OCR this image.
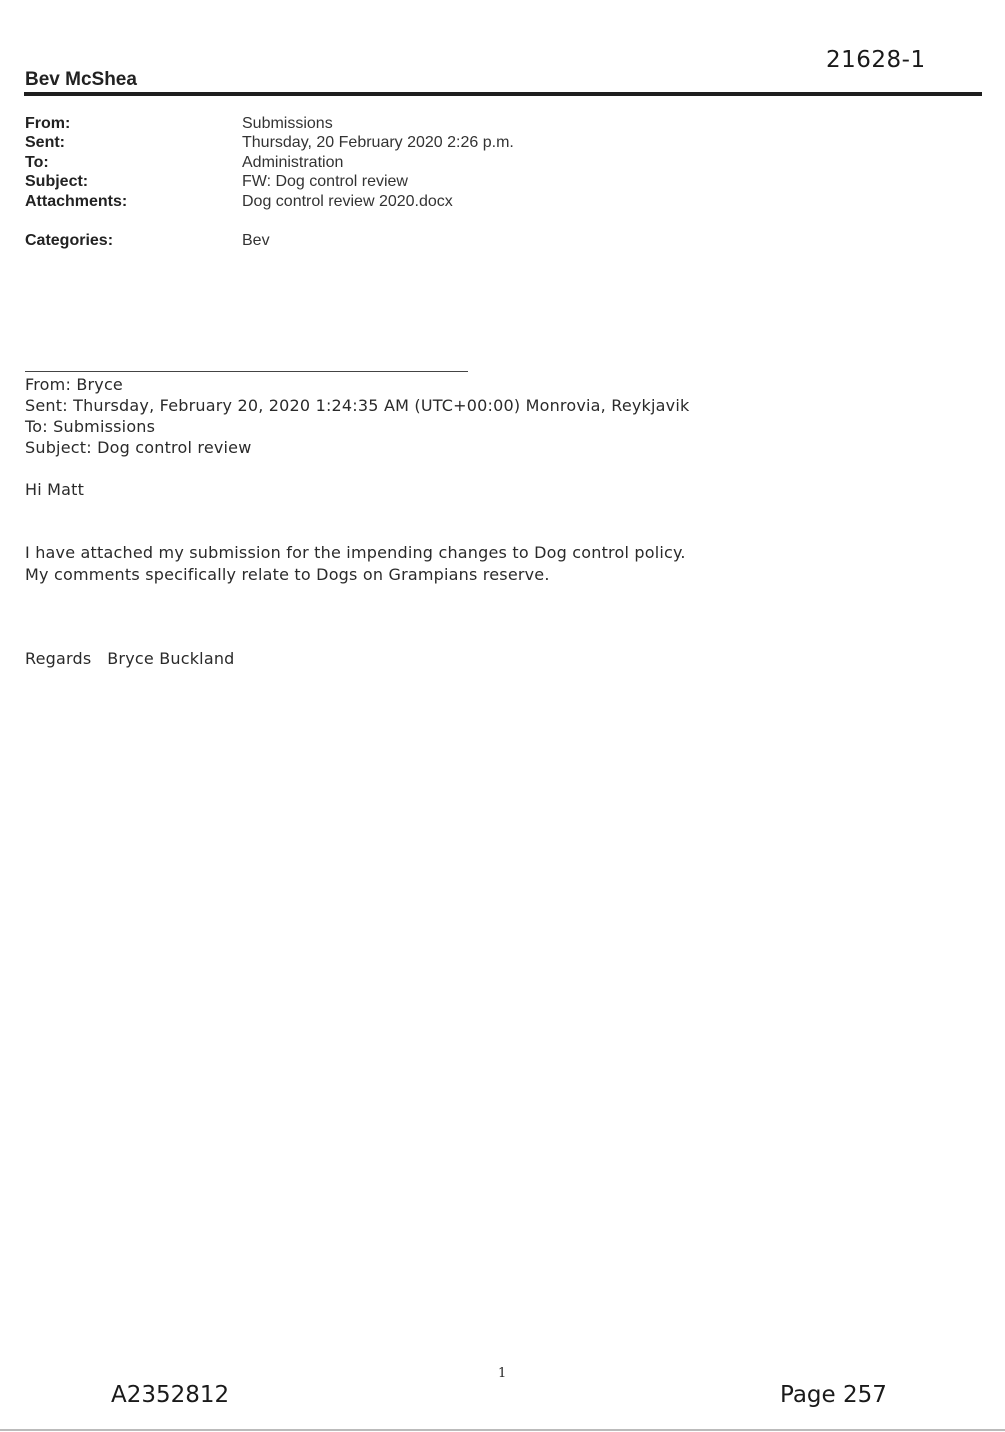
21628-1
Bev McShea
From:	Submissions
Sent:	Thursday, 20 February 2020 2:26 p.m.
To:	Administration
Subject:	FW: Dog control review
Attachments:	Dog control review 2020.docx
Categories:	Bev
From: Bryce
Sent: Thursday, February 20, 2020 1:24:35 AM (UTC+00:00) Monrovia, Reykjavik
To: Submissions
Subject: Dog control review
Hi Matt
I have attached my submission for the impending changes to Dog control policy.
My comments specifically relate to Dogs on Grampians reserve.
Regards   Bryce Buckland
1
A2352812	Page 257
